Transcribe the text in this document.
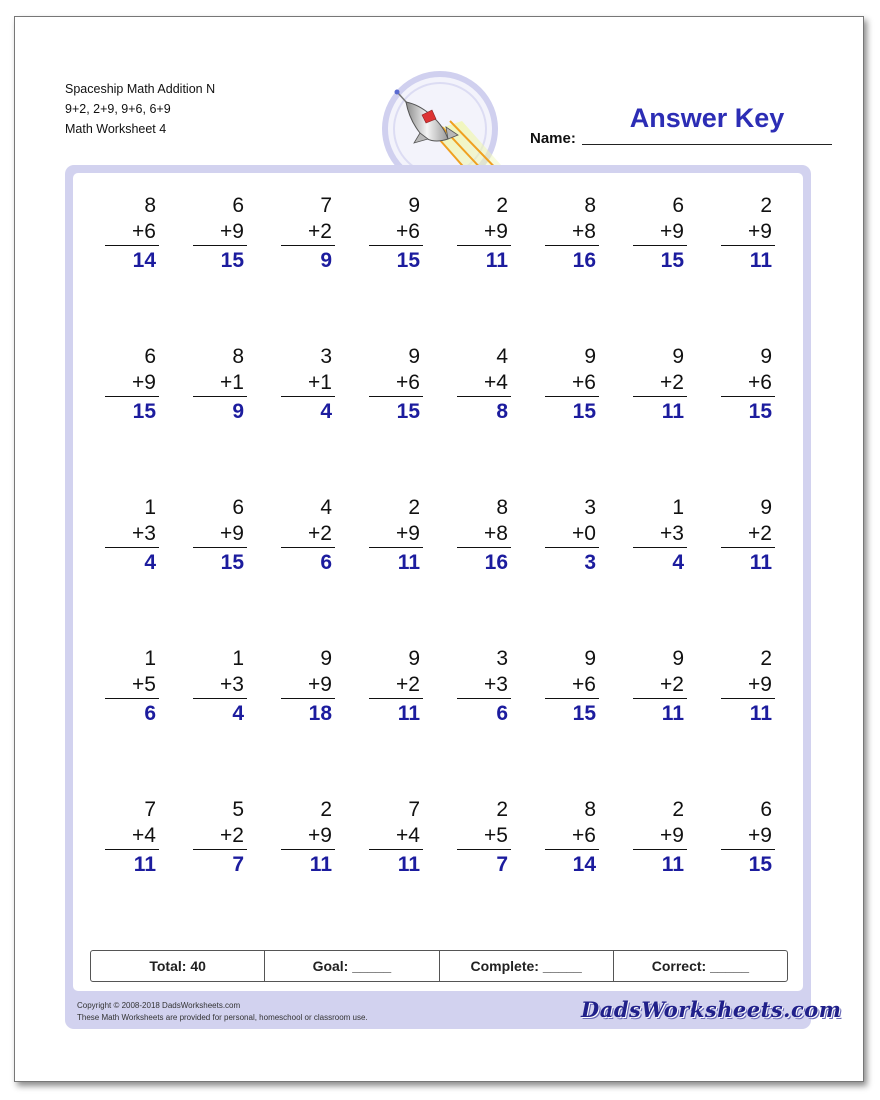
Spaceship Math Addition N
9+2, 2+9, 9+6, 6+9
Math Worksheet 4
Name:
Answer Key
8
+6
14
6
+9
15
7
+2
9
9
+6
15
2
+9
11
8
+8
16
6
+9
15
2
+9
11
6
+9
15
8
+1
9
3
+1
4
9
+6
15
4
+4
8
9
+6
15
9
+2
11
9
+6
15
1
+3
4
6
+9
15
4
+2
6
2
+9
11
8
+8
16
3
+0
3
1
+3
4
9
+2
11
1
+5
6
1
+3
4
9
+9
18
9
+2
11
3
+3
6
9
+6
15
9
+2
11
2
+9
11
7
+4
11
5
+2
7
2
+9
11
7
+4
11
2
+5
7
8
+6
14
2
+9
11
6
+9
15
Total: 40	Goal: _____	Complete: _____	Correct: _____
Copyright © 2008-2018 DadsWorksheets.com
These Math Worksheets are provided for personal, homeschool or classroom use.	DadsWorksheets.com
